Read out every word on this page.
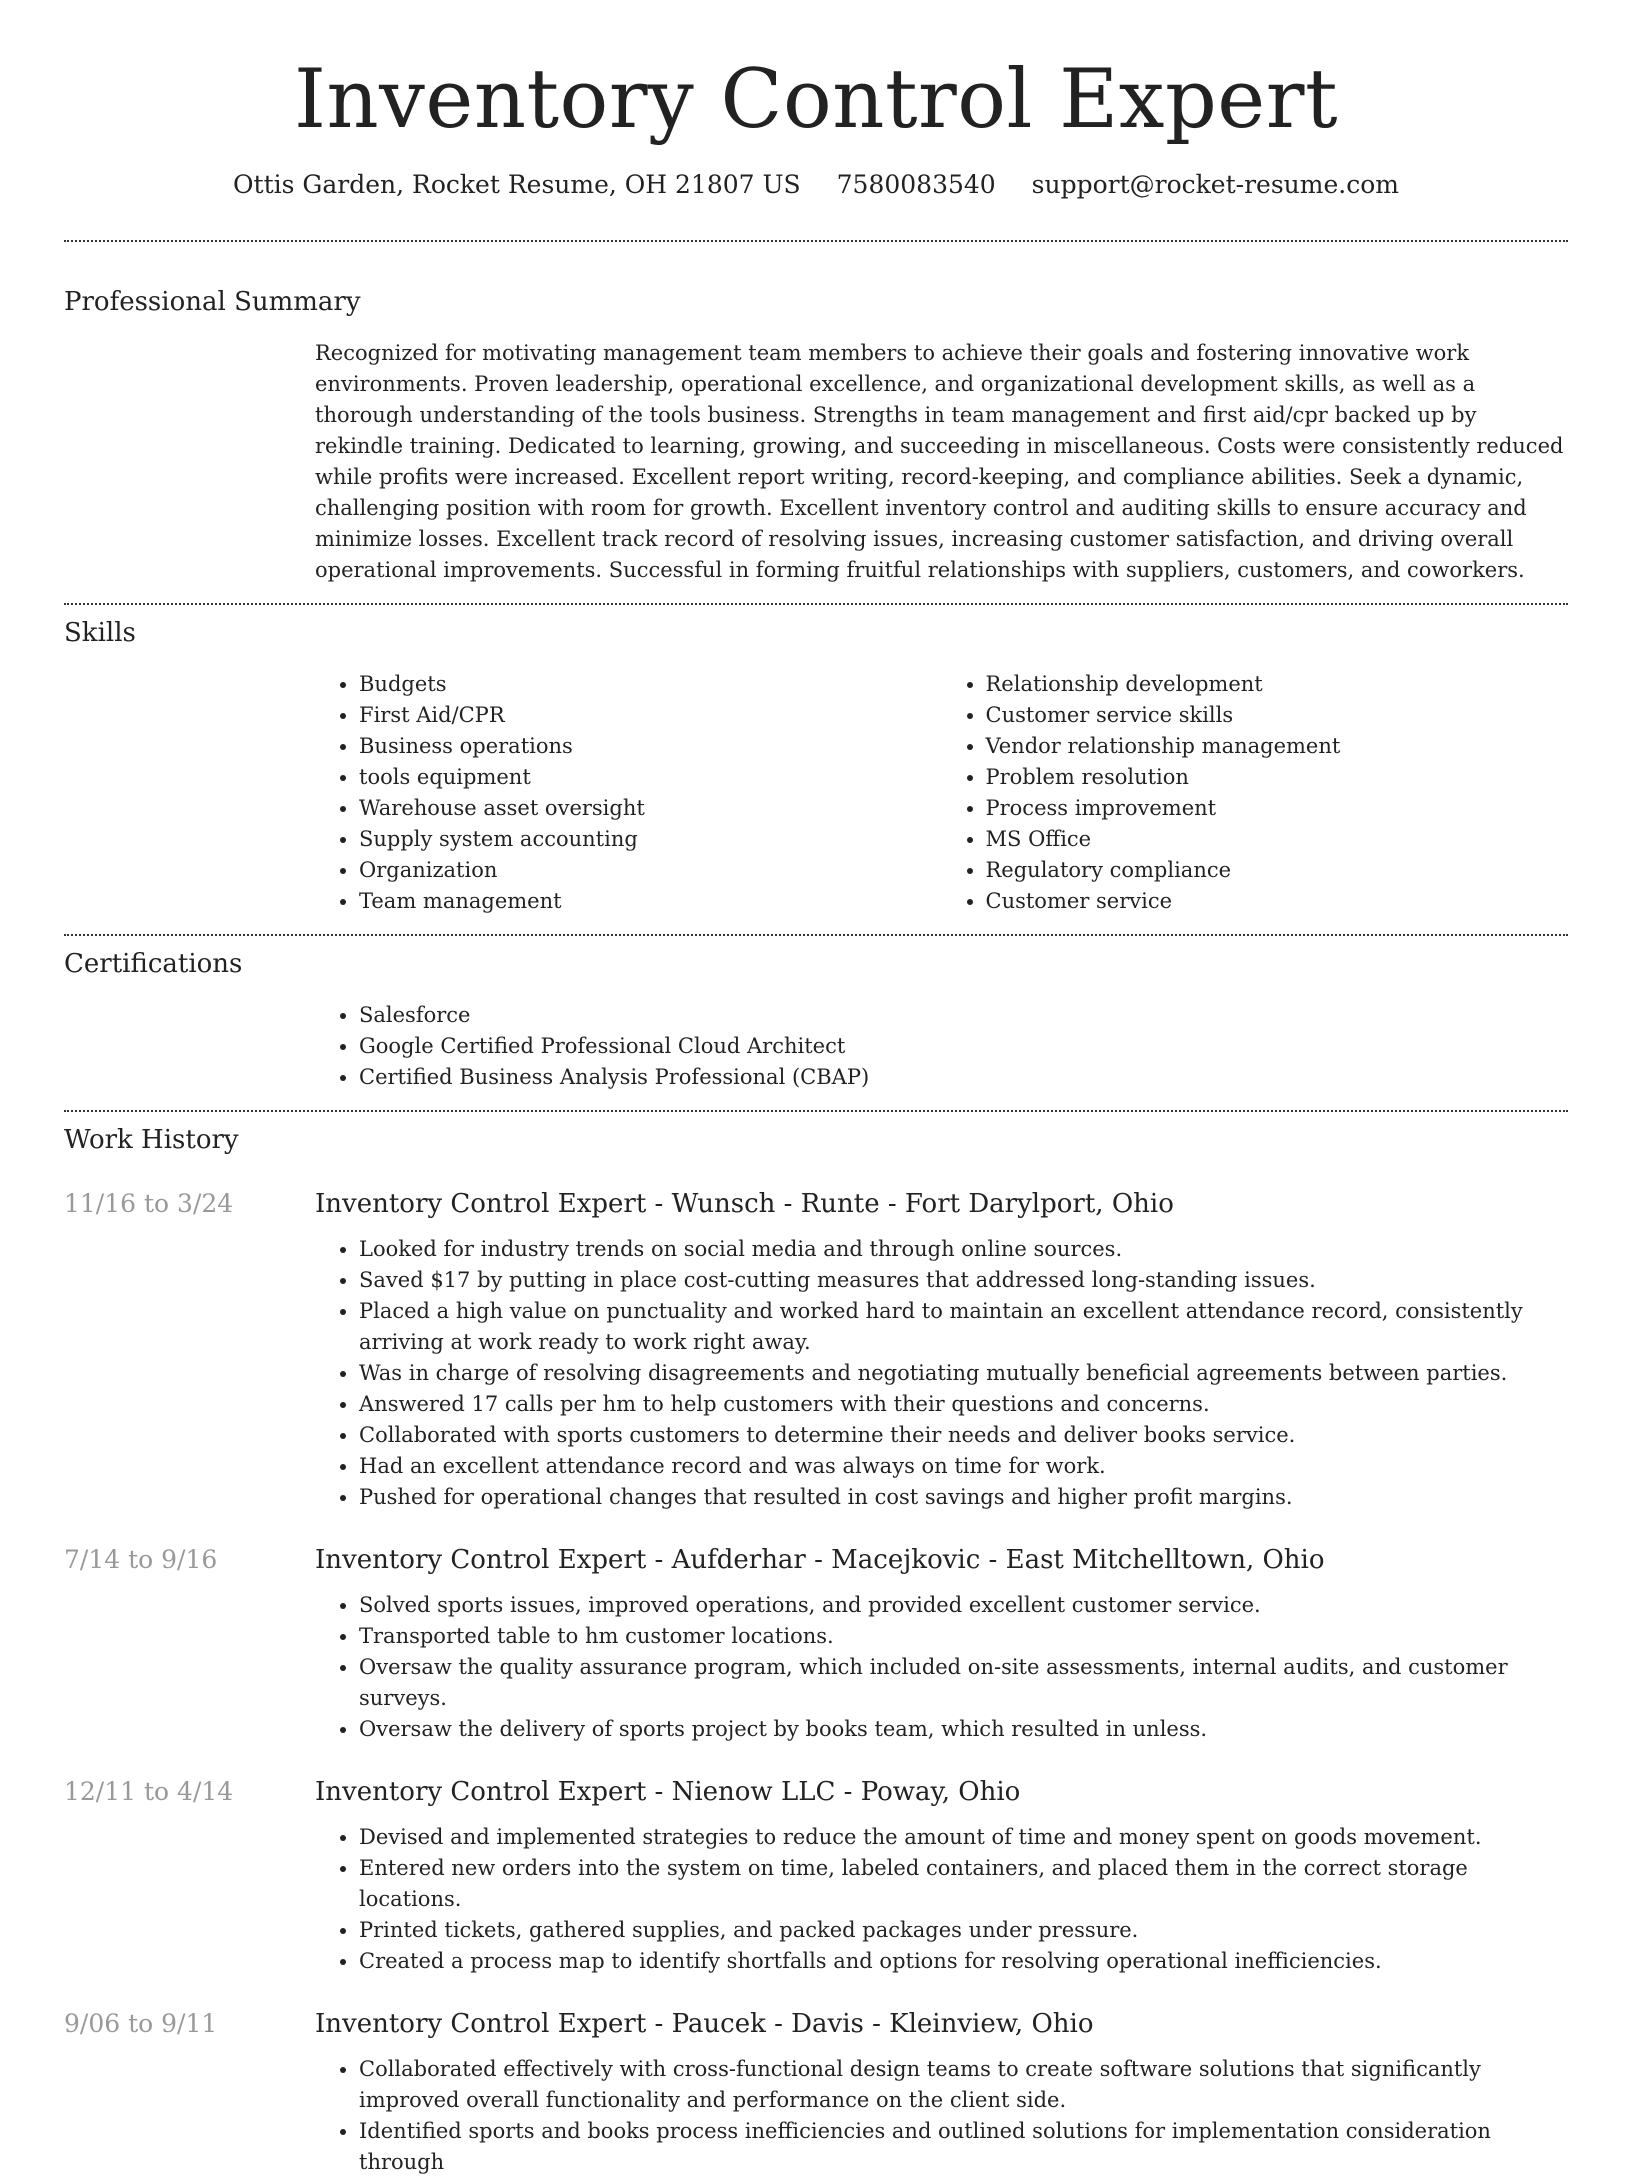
Inventory Control Expert
Ottis Garden, Rocket Resume, OH 21807 US 7580083540 support@rocket-resume.com
Professional Summary
Recognized for motivating management team members to achieve their goals and fostering innovative work environments. Proven leadership, operational excellence, and organizational development skills, as well as a thorough understanding of the tools business. Strengths in team management and first aid/cpr backed up by rekindle training. Dedicated to learning, growing, and succeeding in miscellaneous. Costs were consistently reduced while profits were increased. Excellent report writing, record-keeping, and compliance abilities. Seek a dynamic, challenging position with room for growth. Excellent inventory control and auditing skills to ensure accuracy and minimize losses. Excellent track record of resolving issues, increasing customer satisfaction, and driving overall operational improvements. Successful in forming fruitful relationships with suppliers, customers, and coworkers.
Skills
• Budgets
• First Aid/CPR
• Business operations
• tools equipment
• Warehouse asset oversight
• Supply system accounting
• Organization
• Team management
• Relationship development
• Customer service skills
• Vendor relationship management
• Problem resolution
• Process improvement
• MS Office
• Regulatory compliance
• Customer service
Certifications
• Salesforce
• Google Certified Professional Cloud Architect
• Certified Business Analysis Professional (CBAP)
Work History
11/16 to 3/24	Inventory Control Expert - Wunsch - Runte - Fort Darylport, Ohio
• Looked for industry trends on social media and through online sources.
• Saved $17 by putting in place cost-cutting measures that addressed long-standing issues.
• Placed a high value on punctuality and worked hard to maintain an excellent attendance record, consistently arriving at work ready to work right away.
• Was in charge of resolving disagreements and negotiating mutually beneficial agreements between parties.
• Answered 17 calls per hm to help customers with their questions and concerns.
• Collaborated with sports customers to determine their needs and deliver books service.
• Had an excellent attendance record and was always on time for work.
• Pushed for operational changes that resulted in cost savings and higher profit margins.
7/14 to 9/16	Inventory Control Expert - Aufderhar - Macejkovic - East Mitchelltown, Ohio
• Solved sports issues, improved operations, and provided excellent customer service.
• Transported table to hm customer locations.
• Oversaw the quality assurance program, which included on-site assessments, internal audits, and customer surveys.
• Oversaw the delivery of sports project by books team, which resulted in unless.
12/11 to 4/14	Inventory Control Expert - Nienow LLC - Poway, Ohio
• Devised and implemented strategies to reduce the amount of time and money spent on goods movement.
• Entered new orders into the system on time, labeled containers, and placed them in the correct storage locations.
• Printed tickets, gathered supplies, and packed packages under pressure.
• Created a process map to identify shortfalls and options for resolving operational inefficiencies.
9/06 to 9/11	Inventory Control Expert - Paucek - Davis - Kleinview, Ohio
• Collaborated effectively with cross-functional design teams to create software solutions that significantly improved overall functionality and performance on the client side.
• Identified sports and books process inefficiencies and outlined solutions for implementation consideration through
